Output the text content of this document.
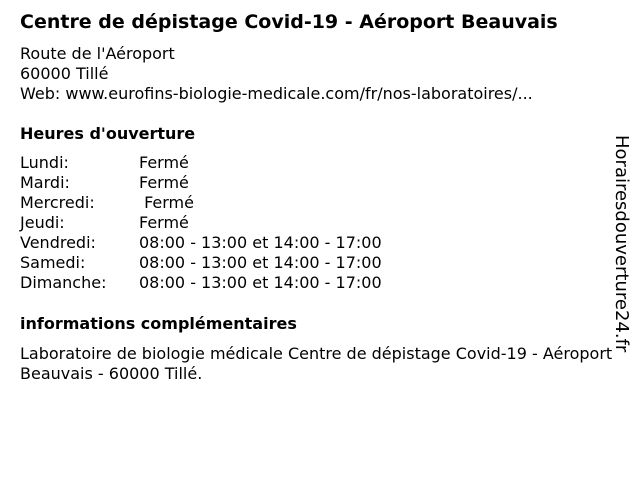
Centre de dépistage Covid-19 - Aéroport Beauvais
Route de l'Aéroport
60000 Tillé
Web: www.eurofins-biologie-medicale.com/fr/nos-laboratoires/...
Heures d'ouverture
Lundi:	Fermé
Mardi:	Fermé
Mercredi:	Fermé
Jeudi:	Fermé
Vendredi:	08:00 - 13:00 et 14:00 - 17:00
Samedi:	08:00 - 13:00 et 14:00 - 17:00
Dimanche:	08:00 - 13:00 et 14:00 - 17:00
informations complémentaires
Laboratoire de biologie médicale Centre de dépistage Covid-19 - Aéroport Beauvais - 60000 Tillé.
Horairesdouverture24.fr
